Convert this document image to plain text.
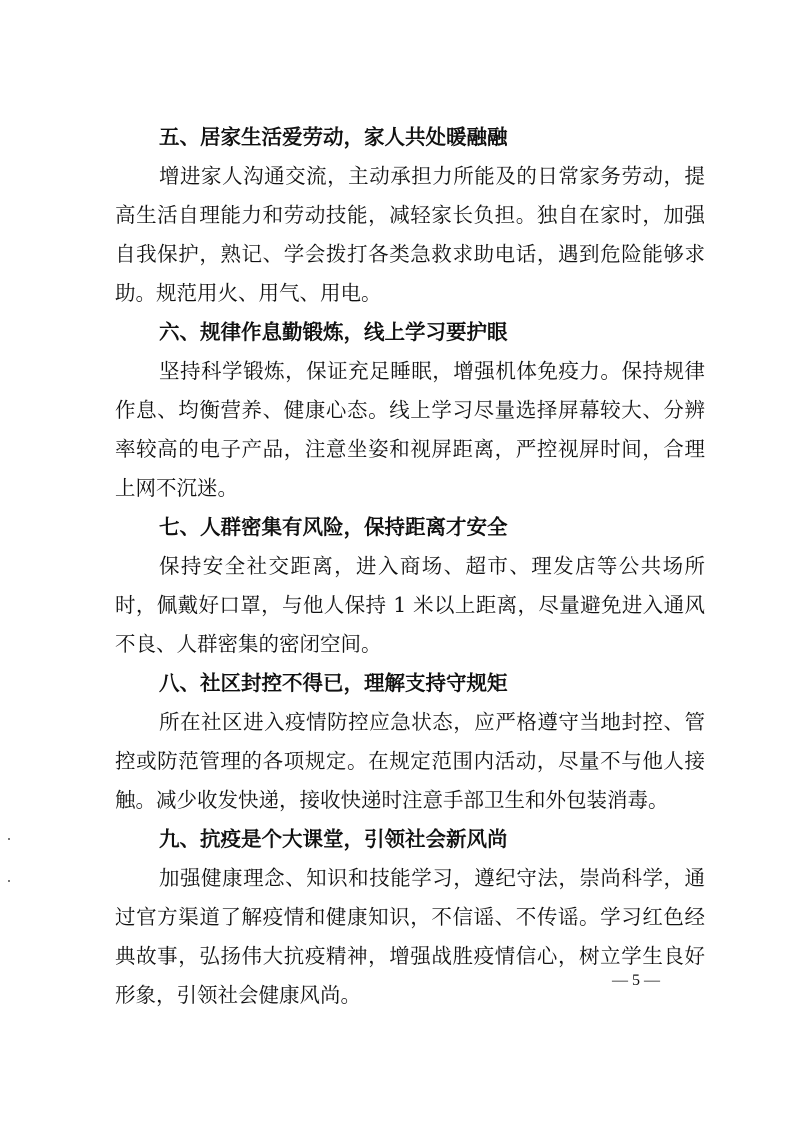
五、居家生活爱劳动，家人共处暖融融

增进家人沟通交流，主动承担力所能及的日常家务劳动，提高生活自理能力和劳动技能，减轻家长负担。独自在家时，加强自我保护，熟记、学会拨打各类急救求助电话，遇到危险能够求助。规范用火、用气、用电。

六、规律作息勤锻炼，线上学习要护眼

坚持科学锻炼，保证充足睡眠，增强机体免疫力。保持规律作息、均衡营养、健康心态。线上学习尽量选择屏幕较大、分辨率较高的电子产品，注意坐姿和视屏距离，严控视屏时间，合理上网不沉迷。

七、人群密集有风险，保持距离才安全

保持安全社交距离，进入商场、超市、理发店等公共场所时，佩戴好口罩，与他人保持 1 米以上距离，尽量避免进入通风不良、人群密集的密闭空间。

八、社区封控不得已，理解支持守规矩

所在社区进入疫情防控应急状态，应严格遵守当地封控、管控或防范管理的各项规定。在规定范围内活动，尽量不与他人接触。减少收发快递，接收快递时注意手部卫生和外包装消毒。

九、抗疫是个大课堂，引领社会新风尚

加强健康理念、知识和技能学习，遵纪守法，崇尚科学，通过官方渠道了解疫情和健康知识，不信谣、不传谣。学习红色经典故事，弘扬伟大抗疫精神，增强战胜疫情信心，树立学生良好形象，引领社会健康风尚。

— 5 —
